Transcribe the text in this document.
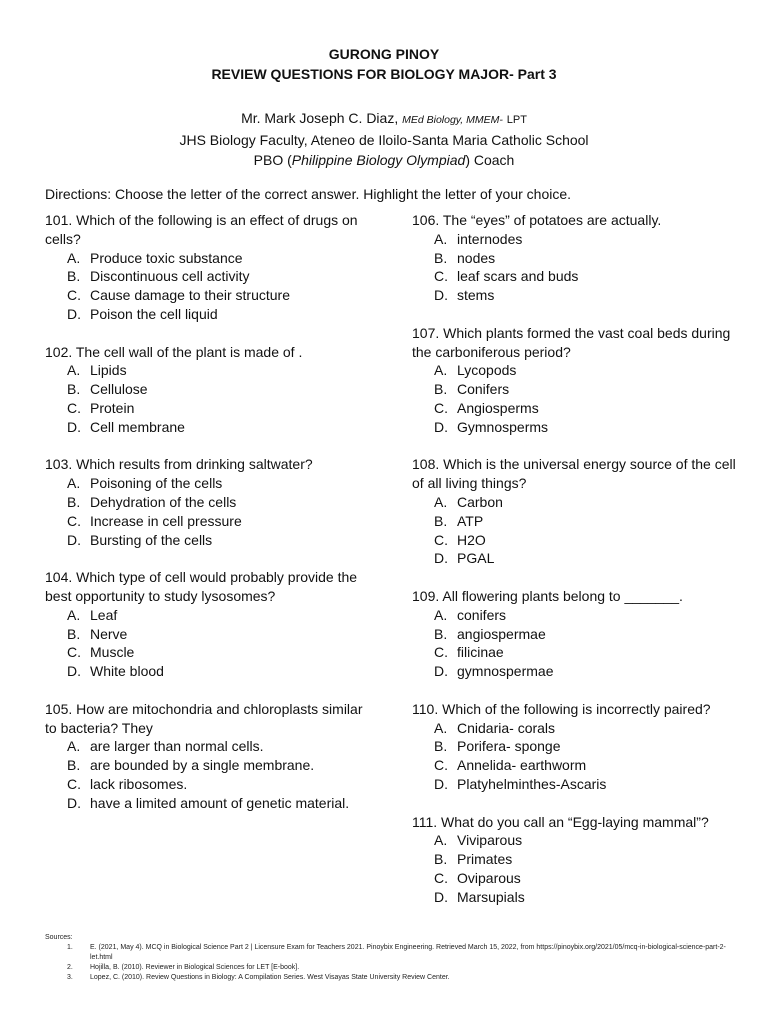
GURONG PINOY
REVIEW QUESTIONS FOR BIOLOGY MAJOR- Part 3
Mr. Mark Joseph C. Diaz, MEd Biology, MMEM- LPT
JHS Biology Faculty, Ateneo de Iloilo-Santa Maria Catholic School
PBO (Philippine Biology Olympiad) Coach
Directions: Choose the letter of the correct answer. Highlight the letter of your choice.
101. Which of the following is an effect of drugs on cells?
A. Produce toxic substance
B. Discontinuous cell activity
C. Cause damage to their structure
D. Poison the cell liquid
102. The cell wall of the plant is made of .
A. Lipids
B. Cellulose
C. Protein
D. Cell membrane
103. Which results from drinking saltwater?
A. Poisoning of the cells
B. Dehydration of the cells
C. Increase in cell pressure
D. Bursting of the cells
104. Which type of cell would probably provide the best opportunity to study lysosomes?
A. Leaf
B. Nerve
C. Muscle
D. White blood
105. How are mitochondria and chloroplasts similar to bacteria? They
A. are larger than normal cells.
B. are bounded by a single membrane.
C. lack ribosomes.
D. have a limited amount of genetic material.
106. The “eyes” of potatoes are actually.
A. internodes
B. nodes
C. leaf scars and buds
D. stems
107. Which plants formed the vast coal beds during the carboniferous period?
A. Lycopods
B. Conifers
C. Angiosperms
D. Gymnosperms
108. Which is the universal energy source of the cell of all living things?
A. Carbon
B. ATP
C. H2O
D. PGAL
109. All flowering plants belong to _______.
A. conifers
B. angiospermae
C. filicinae
D. gymnospermae
110. Which of the following is incorrectly paired?
A. Cnidaria- corals
B. Porifera- sponge
C. Annelida- earthworm
D. Platyhelminthes-Ascaris
111. What do you call an “Egg-laying mammal”?
A. Viviparous
B. Primates
C. Oviparous
D. Marsupials
Sources:
1. E. (2021, May 4). MCQ in Biological Science Part 2 | Licensure Exam for Teachers 2021. Pinoybix Engineering. Retrieved March 15, 2022, from https://pinoybix.org/2021/05/mcq-in-biological-science-part-2-let.html
2. Hojilla, B. (2010). Reviewer in Biological Sciences for LET [E-book].
3. Lopez, C. (2010). Review Questions in Biology: A Compilation Series. West Visayas State University Review Center.
